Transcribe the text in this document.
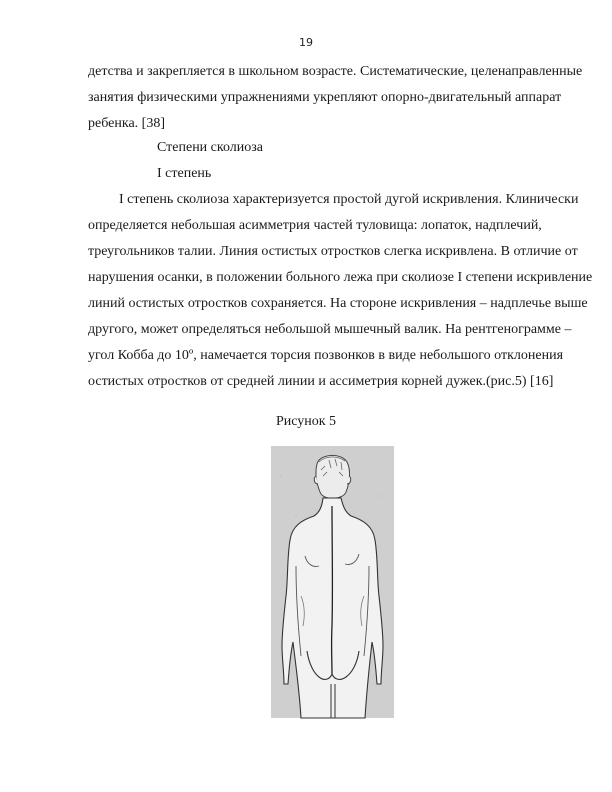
19
детства и закрепляется в школьном возрасте. Систематические, целенаправленные
занятия физическими упражнениями укрепляют опорно-двигательный аппарат
ребенка. [38]
Степени сколиоза
I степень
I степень сколиоза характеризуется простой дугой искривления. Клинически
определяется небольшая асимметрия частей туловища: лопаток, надплечий,
треугольников талии. Линия остистых отростков слегка искривлена. В отличие от
нарушения осанки, в положении больного лежа при сколиозе I степени искривление
линий остистых отростков сохраняется. На стороне искривления – надплечье выше
другого, может определяться небольшой мышечный валик. На рентгенограмме –
угол Кобба до 10º, намечается торсия позвонков в виде небольшого отклонения
остистых отростков от средней линии и ассиметрия корней дужек.(рис.5) [16]
Рисунок 5
